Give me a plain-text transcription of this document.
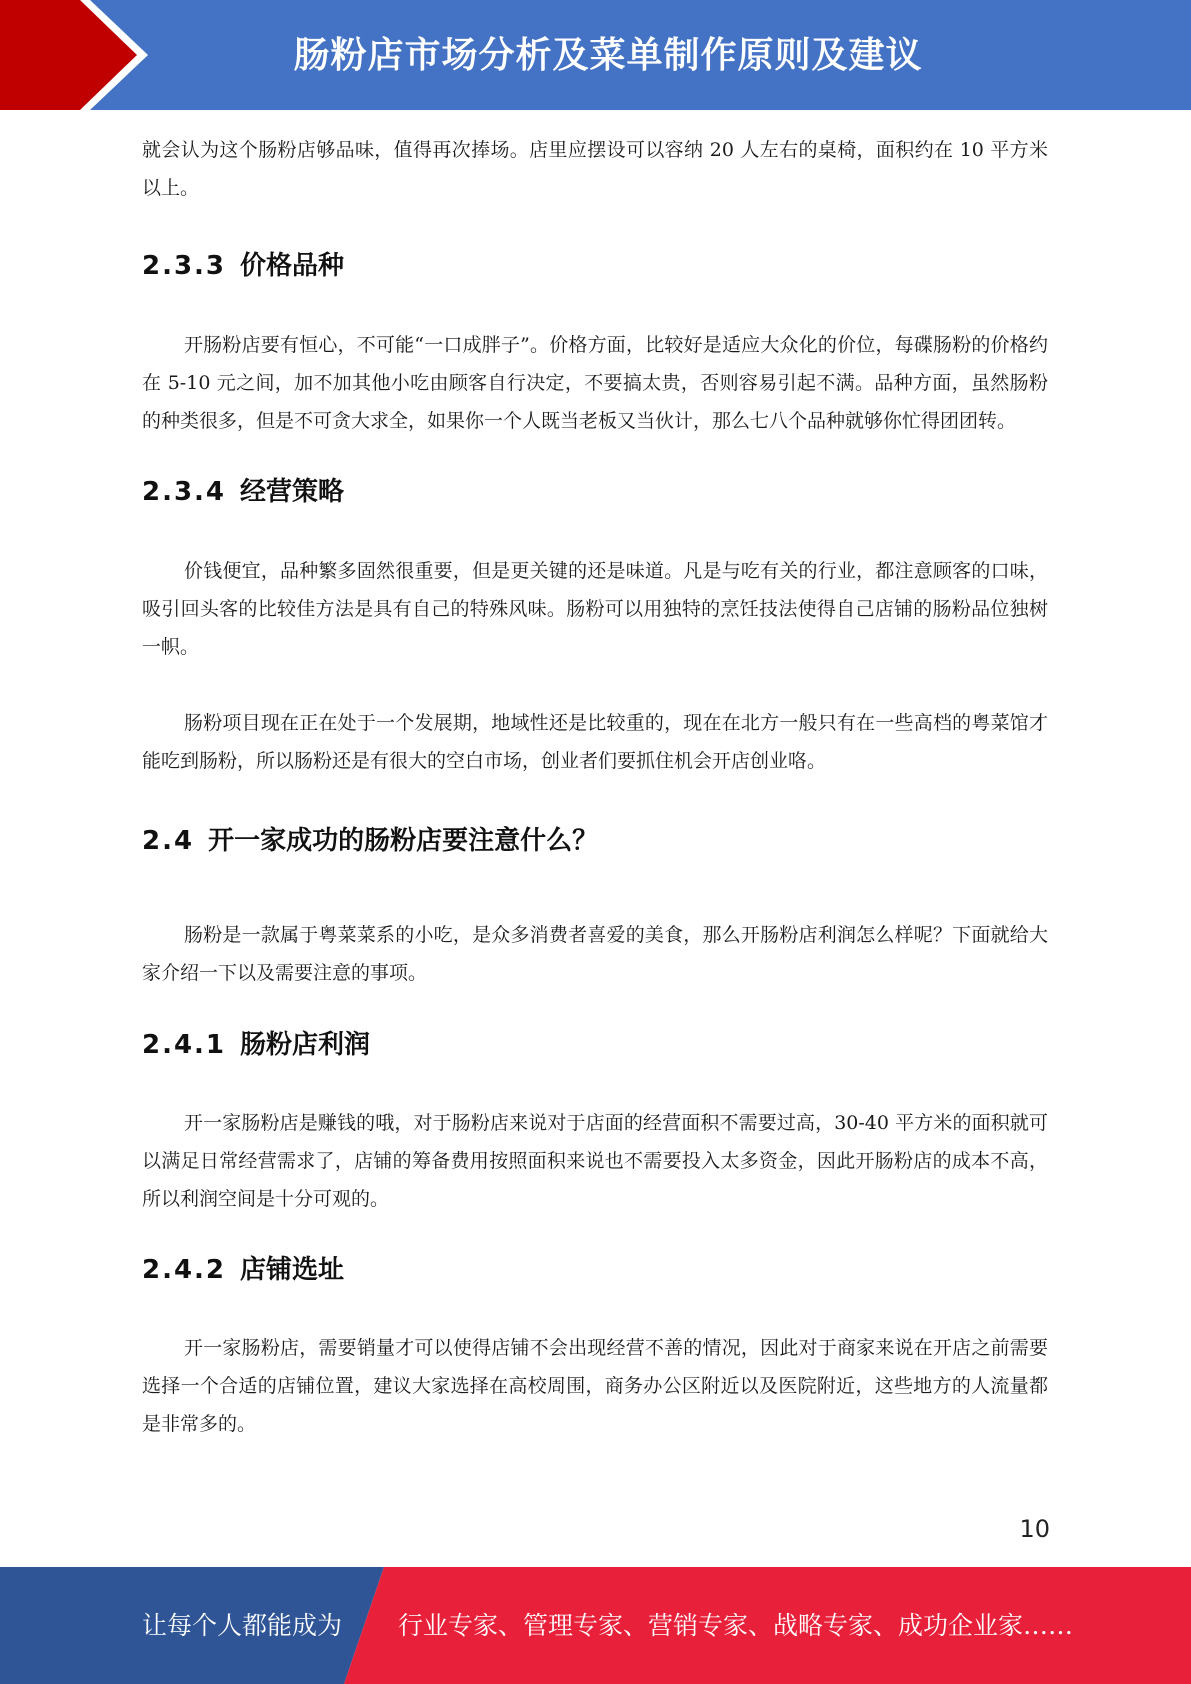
肠粉店市场分析及菜单制作原则及建议

就会认为这个肠粉店够品味，值得再次捧场。店里应摆设可以容纳 20 人左右的桌椅，面积约在 10 平方米以上。

2.3.3 价格品种

开肠粉店要有恒心，不可能“一口成胖子”。价格方面，比较好是适应大众化的价位，每碟肠粉的价格约在 5-10 元之间，加不加其他小吃由顾客自行决定，不要搞太贵，否则容易引起不满。品种方面，虽然肠粉的种类很多，但是不可贪大求全，如果你一个人既当老板又当伙计，那么七八个品种就够你忙得团团转。

2.3.4 经营策略

价钱便宜，品种繁多固然很重要，但是更关键的还是味道。凡是与吃有关的行业，都注意顾客的口味，吸引回头客的比较佳方法是具有自己的特殊风味。肠粉可以用独特的烹饪技法使得自己店铺的肠粉品位独树一帜。

肠粉项目现在正在处于一个发展期，地域性还是比较重的，现在在北方一般只有在一些高档的粤菜馆才能吃到肠粉，所以肠粉还是有很大的空白市场，创业者们要抓住机会开店创业咯。

2.4 开一家成功的肠粉店要注意什么？

肠粉是一款属于粤菜菜系的小吃，是众多消费者喜爱的美食，那么开肠粉店利润怎么样呢？下面就给大家介绍一下以及需要注意的事项。

2.4.1 肠粉店利润

开一家肠粉店是赚钱的哦，对于肠粉店来说对于店面的经营面积不需要过高，30-40 平方米的面积就可以满足日常经营需求了，店铺的筹备费用按照面积来说也不需要投入太多资金，因此开肠粉店的成本不高，所以利润空间是十分可观的。

2.4.2 店铺选址

开一家肠粉店，需要销量才可以使得店铺不会出现经营不善的情况，因此对于商家来说在开店之前需要选择一个合适的店铺位置，建议大家选择在高校周围，商务办公区附近以及医院附近，这些地方的人流量都是非常多的。

10
让每个人都能成为 行业专家、管理专家、营销专家、战略专家、成功企业家……
